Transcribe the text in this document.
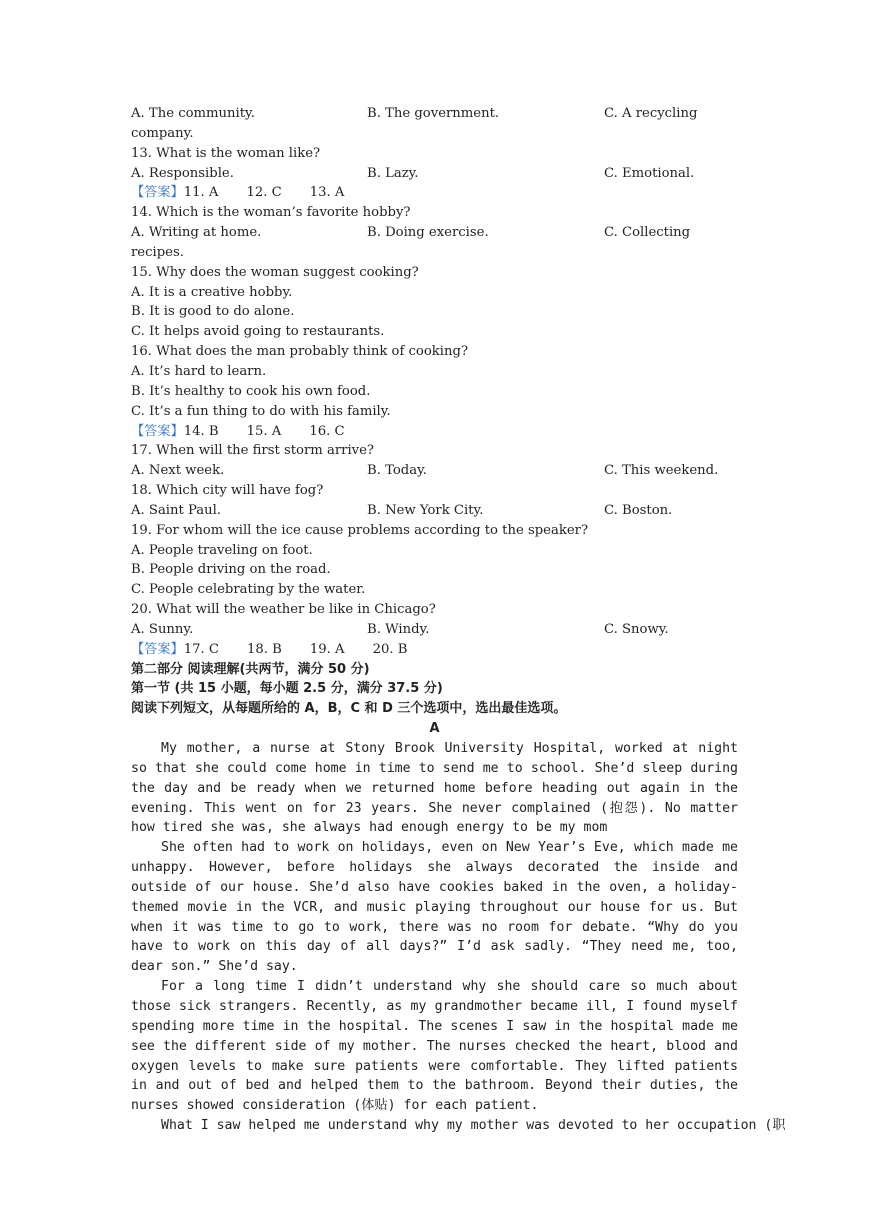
A. The community.	B. The government.	C. A recycling
company.
13. What is the woman like?
A. Responsible.	B. Lazy.	C. Emotional.
【答案】11. A 12. C 13. A
14. Which is the woman’s favorite hobby?
A. Writing at home.	B. Doing exercise.	C. Collecting
recipes.
15. Why does the woman suggest cooking?
A. It is a creative hobby.
B. It is good to do alone.
C. It helps avoid going to restaurants.
16. What does the man probably think of cooking?
A. It’s hard to learn.
B. It’s healthy to cook his own food.
C. It’s a fun thing to do with his family.
【答案】14. B 15. A 16. C
17. When will the first storm arrive?
A. Next week.	B. Today.	C. This weekend.
18. Which city will have fog?
A. Saint Paul.	B. New York City.	C. Boston.
19. For whom will the ice cause problems according to the speaker?
A. People traveling on foot.
B. People driving on the road.
C. People celebrating by the water.
20. What will the weather be like in Chicago?
A. Sunny.	B. Windy.	C. Snowy.
【答案】17. C 18. B 19. A 20. B
第二部分 阅读理解(共两节，满分 50 分)
第一节 (共 15 小题，每小题 2.5 分，满分 37.5 分)
阅读下列短文，从每题所给的 A，B，C 和 D 三个选项中，选出最佳选项。
A

My mother, a nurse at Stony Brook University Hospital, worked at night so that she could come home in time to send me to school. She’d sleep during the day and be ready when we returned home before heading out again in the evening. This went on for 23 years. She never complained (抱怨). No matter how tired she was, she always had enough energy to be my mom

She often had to work on holidays, even on New Year’s Eve, which made me unhappy. However, before holidays she always decorated the inside and outside of our house. She’d also have cookies baked in the oven, a holiday-themed movie in the VCR, and music playing throughout our house for us. But when it was time to go to work, there was no room for debate. “Why do you have to work on this day of all days?” I’d ask sadly. “They need me, too, dear son.” She’d say.

For a long time I didn’t understand why she should care so much about those sick strangers. Recently, as my grandmother became ill, I found myself spending more time in the hospital. The scenes I saw in the hospital made me see the different side of my mother. The nurses checked the heart, blood and oxygen levels to make sure patients were comfortable. They lifted patients in and out of bed and helped them to the bathroom. Beyond their duties, the nurses showed consideration (体贴) for each patient.

What I saw helped me understand why my mother was devoted to her occupation (职
